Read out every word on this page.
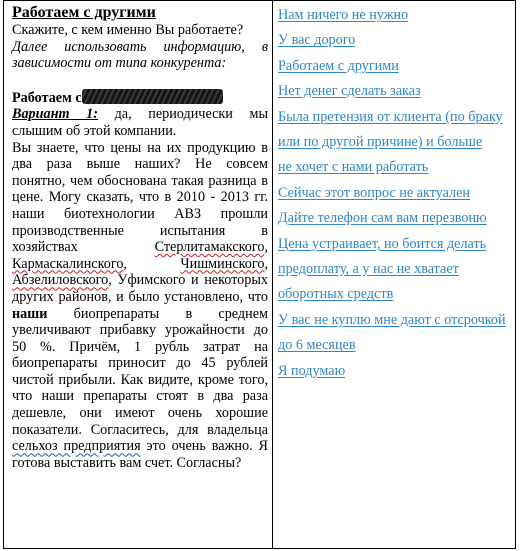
Работаем с другими

Скажите, с кем именно Вы работаете?

Далее использовать информацию, в зависимости от типа конкурента:

Работаем с

Вариант 1: да, периодически мы слышим об этой компании.

Вы знаете, что цены на их продукцию в два раза выше наших? Не совсем понятно, чем обоснована такая разница в цене. Могу сказать, что в 2010 - 2013 гг. наши биотехнологии АВЗ прошли производственные испытания в хозяйствах Стерлитамакского, Кармаскалинского, Чишминского, Абзелиловского, Уфимского и некоторых других районов, и было установлено, что наши биопрепараты в среднем увеличивают прибавку урожайности до 50 %. Причём, 1 рубль затрат на биопрепараты приносит до 45 рублей чистой прибыли. Как видите, кроме того, что наши препараты стоят в два раза дешевле, они имеют очень хорошие показатели. Согласитесь, для владельца сельхоз предприятия это очень важно. Я готова выставить вам счет. Согласны?

Нам ничего не нужно

У вас дорого

Работаем с другими

Нет денег сделать заказ

Была претензия от клиента (по браку или по другой причине) и больше

не хочет с нами работать

Сейчас этот вопрос не актуален

Дайте телефон сам вам перезвоню

Цена устраивает, но боится делать предоплату, а у нас не хватает оборотных средств

У вас не куплю мне дают с отсрочкой до 6 месяцев

Я подумаю
